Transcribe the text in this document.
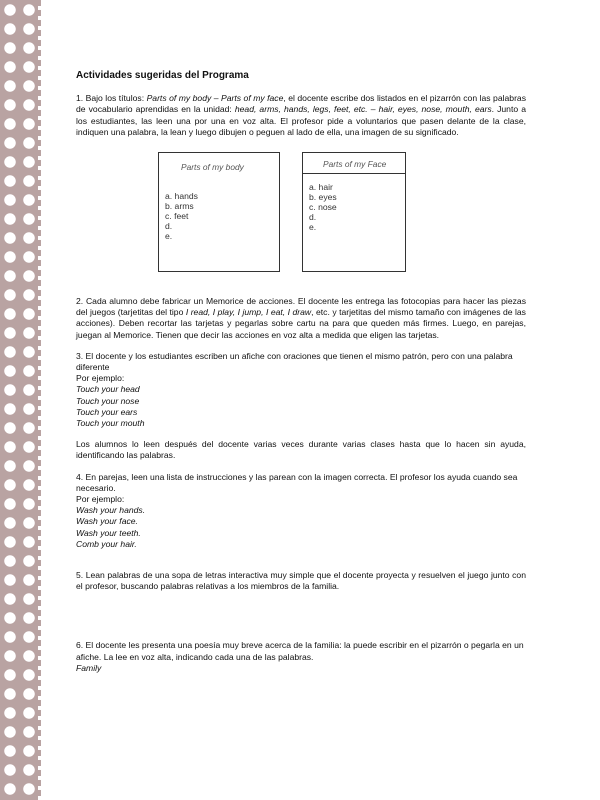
Actividades sugeridas del Programa

1. Bajo los títulos: Parts of my body – Parts of my face, el docente escribe dos listados en el pizarrón con las palabras de vocabulario aprendidas en la unidad: head, arms, hands, legs, feet, etc. – hair, eyes, nose, mouth, ears. Junto a los estudiantes, las leen una por una en voz alta. El profesor pide a voluntarios que pasen delante de la clase, indiquen una palabra, la lean y luego dibujen o peguen al lado de ella, una imagen de su significado.

Parts of my body
a. hands
b. arms
c. feet
d.
e.
Parts of my Face
a. hair
b. eyes
c. nose
d.
e.

2. Cada alumno debe fabricar un Memorice de acciones. El docente les entrega las fotocopias para hacer las piezas del juegos (tarjetitas del tipo I read, I play, I jump, I eat, I draw, etc. y tarjetitas del mismo tamaño con imágenes de las acciones). Deben recortar las tarjetas y pegarlas sobre cartu na para que queden más firmes. Luego, en parejas, juegan al Memorice. Tienen que decir las acciones en voz alta a medida que eligen las tarjetas.

3. El docente y los estudiantes escriben un afiche con oraciones que tienen el mismo patrón, pero con una palabra diferente

Por ejemplo:

Touch your head

Touch your nose

Touch your ears

Touch your mouth

Los alumnos lo leen después del docente varias veces durante varias clases hasta que lo hacen sin ayuda, identificando las palabras.

4. En parejas, leen una lista de instrucciones y las parean con la imagen correcta. El profesor los ayuda cuando sea necesario.

Por ejemplo:

Wash your hands.

Wash your face.

Wash your teeth.

Comb your hair.

5. Lean palabras de una sopa de letras interactiva muy simple que el docente proyecta y resuelven el juego junto con el profesor, buscando palabras relativas a los miembros de la familia.

6. El docente les presenta una poesía muy breve acerca de la familia: la puede escribir en el pizarrón o pegarla en un afiche. La lee en voz alta, indicando cada una de las palabras.

Family
